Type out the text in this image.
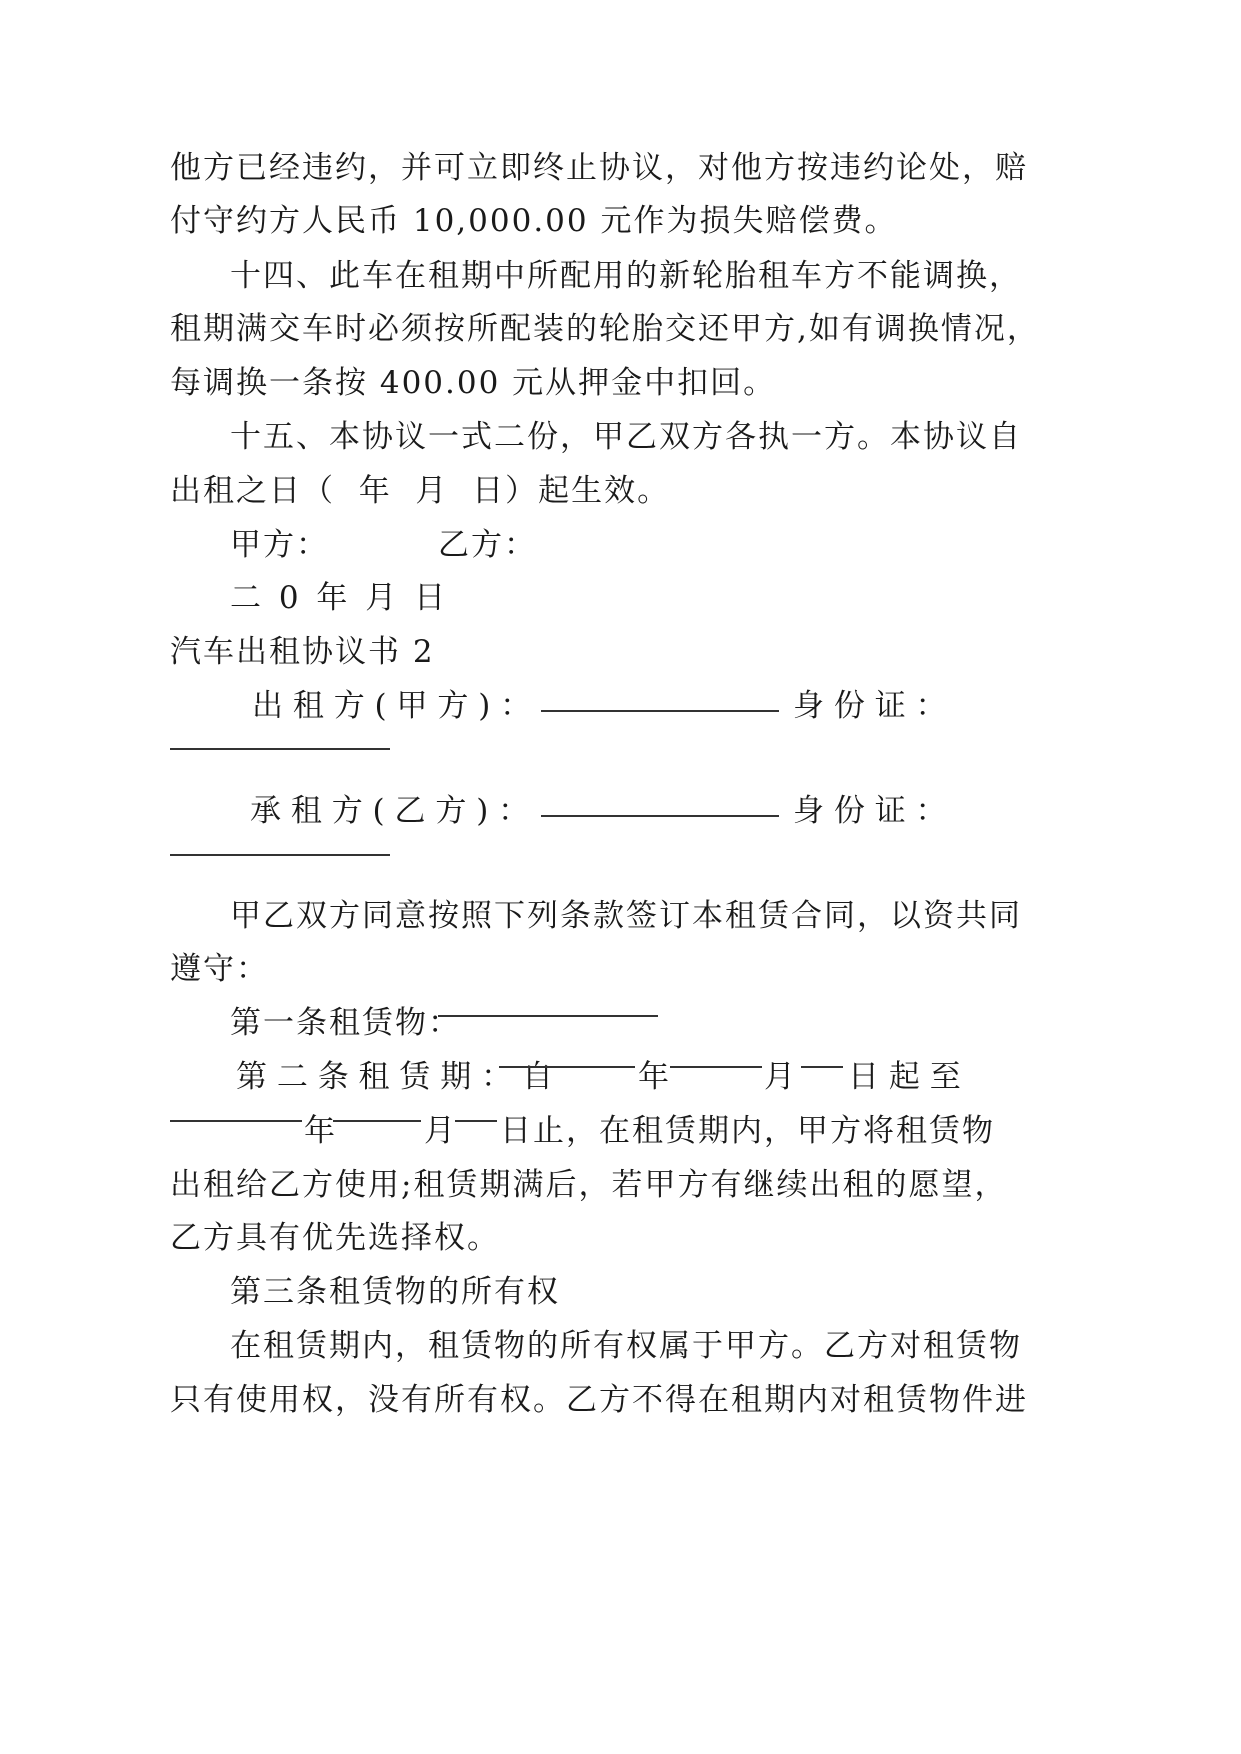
他方已经违约，并可立即终止协议，对他方按违约论处，赔
付守约方人民币 10,000.00 元作为损失赔偿费。
十四、此车在租期中所配用的新轮胎租车方不能调换，
租期满交车时必须按所配装的轮胎交还甲方,如有调换情况，
每调换一条按 400.00 元从押金中扣回。
十五、本协议一式二份，甲乙双方各执一方。本协议自
出租之日（  年  月  日）起生效。
甲方：	乙方：
二 0 年 月 日
汽车出租协议书 2
出 租 方 ( 甲 方 ) ：	身 份 证 ：
承 租 方 ( 乙 方 ) ：	身 份 证 ：
甲乙双方同意按照下列条款签订本租赁合同，以资共同
遵守：
第一条租赁物：
第 二 条 租 赁 期 ： 自	年	月 日 起 至
年	月 日止，在租赁期内，甲方将租赁物
出租给乙方使用;租赁期满后，若甲方有继续出租的愿望，
乙方具有优先选择权。
第三条租赁物的所有权
在租赁期内，租赁物的所有权属于甲方。乙方对租赁物
只有使用权，没有所有权。乙方不得在租期内对租赁物件进
